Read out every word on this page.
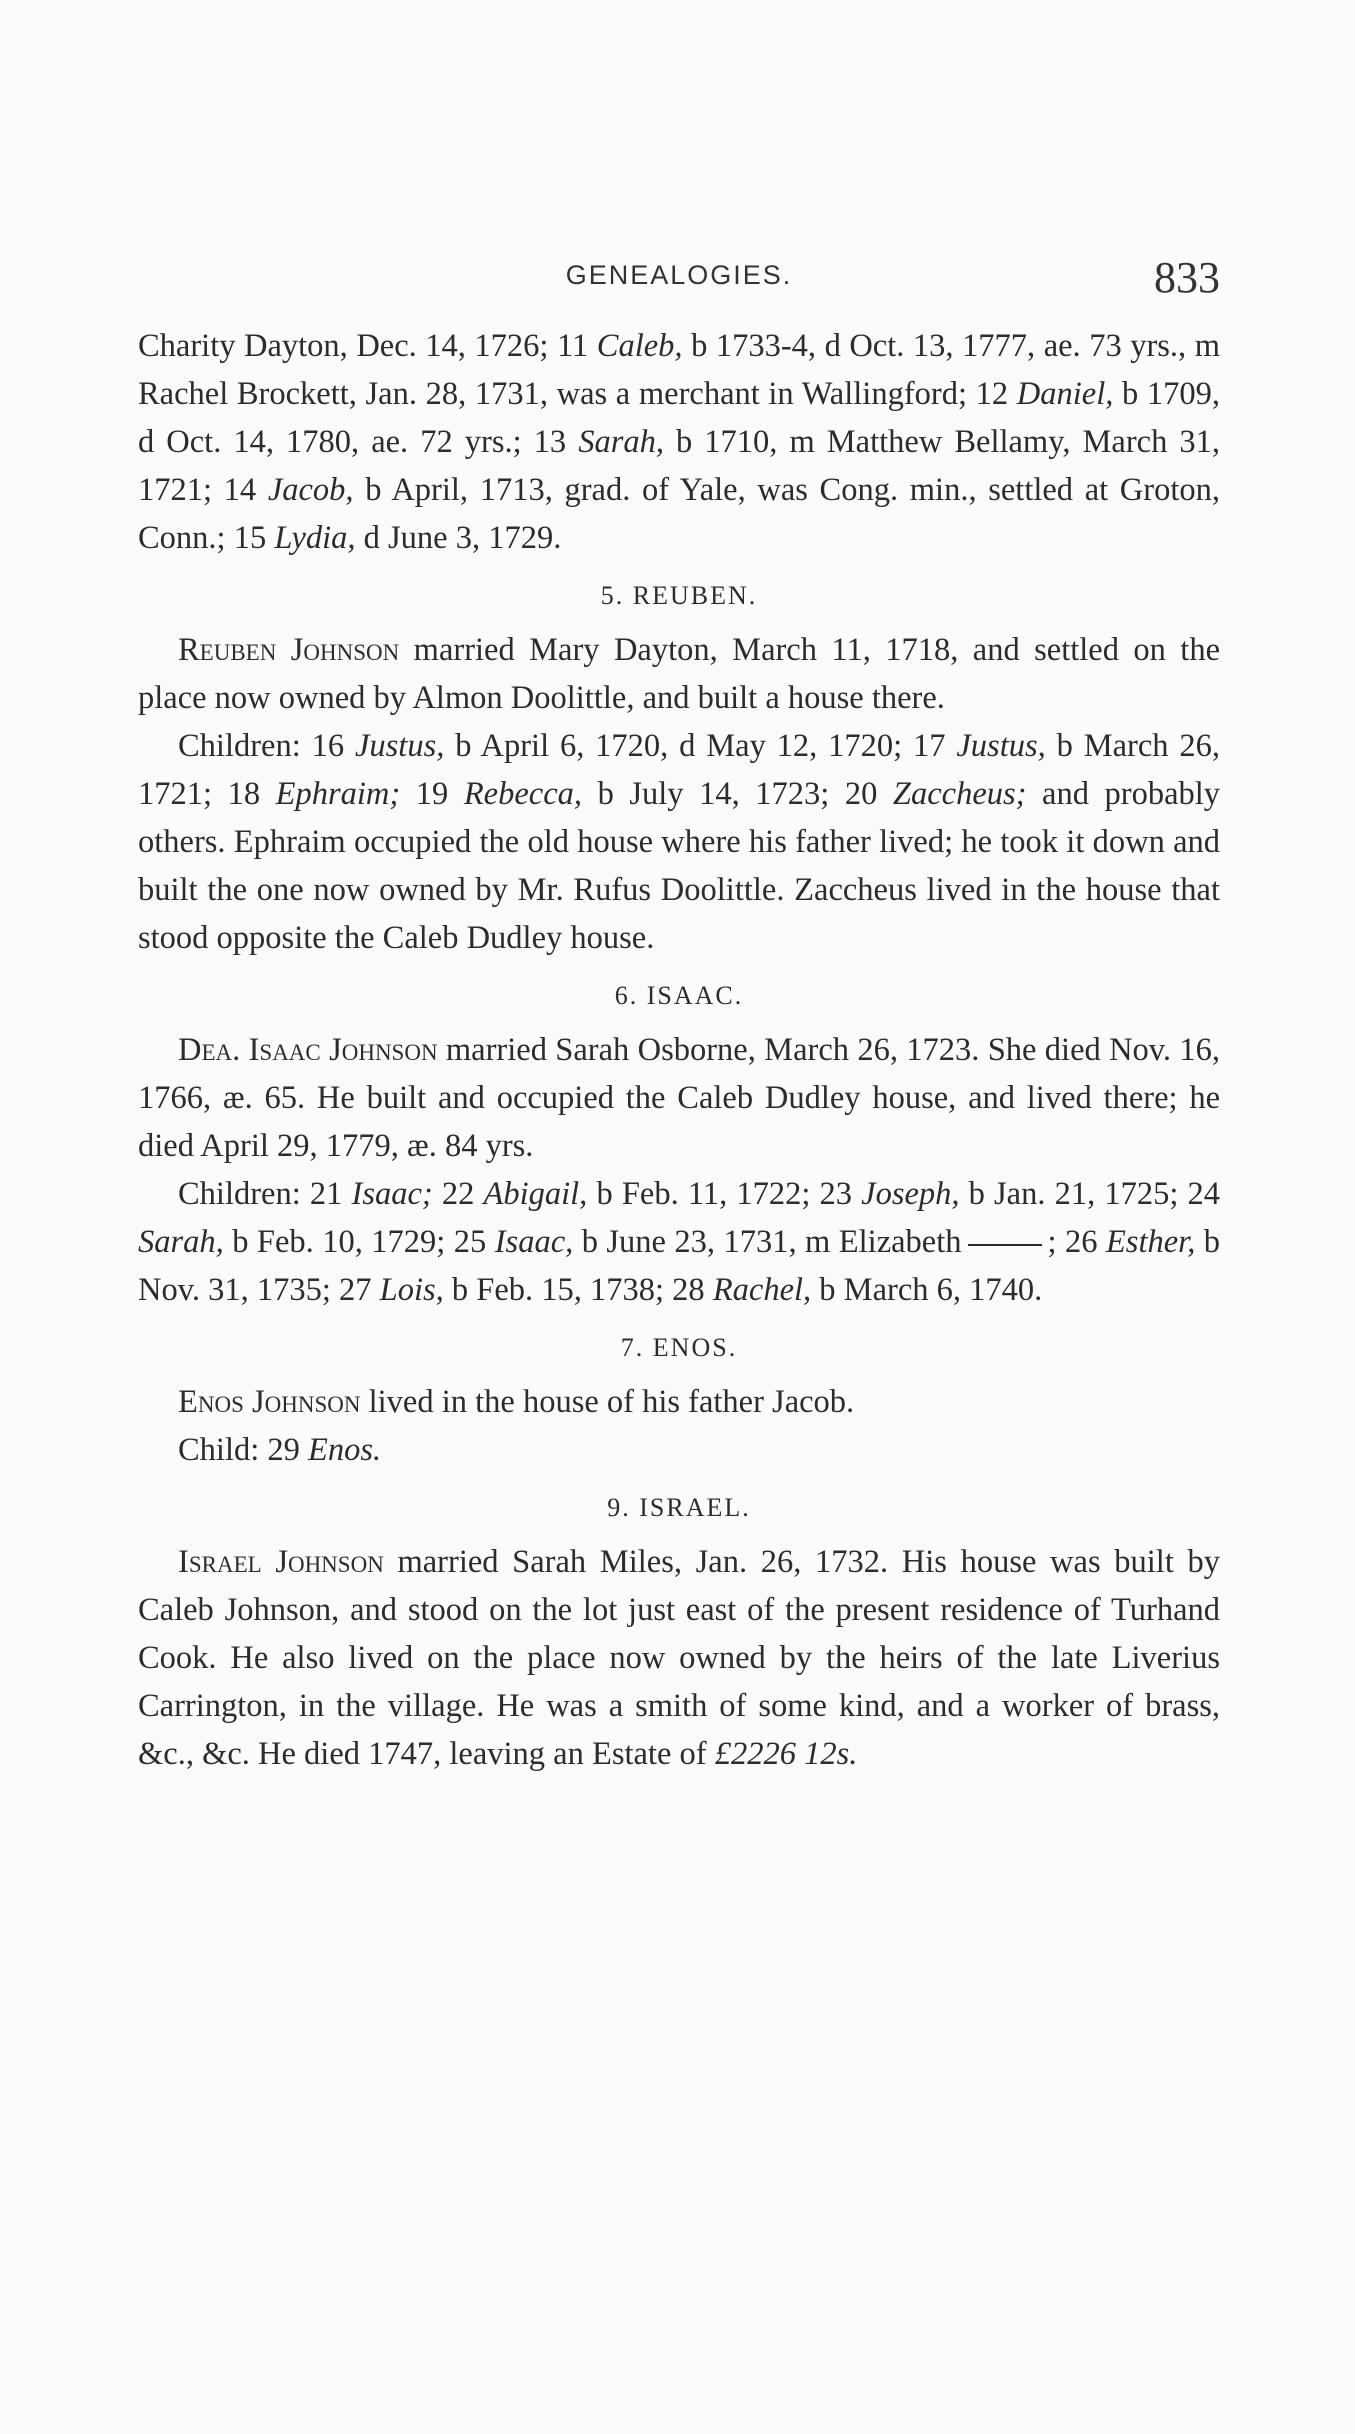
GENEALOGIES.	833

Charity Dayton, Dec. 14, 1726; 11 Caleb, b 1733-4, d Oct. 13, 1777, ae. 73 yrs., m Rachel Brockett, Jan. 28, 1731, was a merchant in Wallingford; 12 Daniel, b 1709, d Oct. 14, 1780, ae. 72 yrs.; 13 Sarah, b 1710, m Matthew Bellamy, March 31, 1721; 14 Jacob, b April, 1713, grad. of Yale, was Cong. min., settled at Groton, Conn.; 15 Lydia, d June 3, 1729.

5. REUBEN.

Reuben Johnson married Mary Dayton, March 11, 1718, and settled on the place now owned by Almon Doolittle, and built a house there.

Children: 16 Justus, b April 6, 1720, d May 12, 1720; 17 Justus, b March 26, 1721; 18 Ephraim; 19 Rebecca, b July 14, 1723; 20 Zaccheus; and probably others. Ephraim occupied the old house where his father lived; he took it down and built the one now owned by Mr. Rufus Doolittle. Zaccheus lived in the house that stood opposite the Caleb Dudley house.

6. ISAAC.

Dea. Isaac Johnson married Sarah Osborne, March 26, 1723. She died Nov. 16, 1766, æ. 65. He built and occupied the Caleb Dudley house, and lived there; he died April 29, 1779, æ. 84 yrs.

Children: 21 Isaac; 22 Abigail, b Feb. 11, 1722; 23 Joseph, b Jan. 21, 1725; 24 Sarah, b Feb. 10, 1729; 25 Isaac, b June 23, 1731, m Elizabeth	; 26 Esther, b Nov. 31, 1735; 27 Lois, b Feb. 15, 1738; 28 Rachel, b March 6, 1740.

7. ENOS.

Enos Johnson lived in the house of his father Jacob.

Child: 29 Enos.

9. ISRAEL.

Israel Johnson married Sarah Miles, Jan. 26, 1732. His house was built by Caleb Johnson, and stood on the lot just east of the present residence of Turhand Cook. He also lived on the place now owned by the heirs of the late Liverius Carrington, in the village. He was a smith of some kind, and a worker of brass, &c., &c. He died 1747, leaving an Estate of £2226 12s.
